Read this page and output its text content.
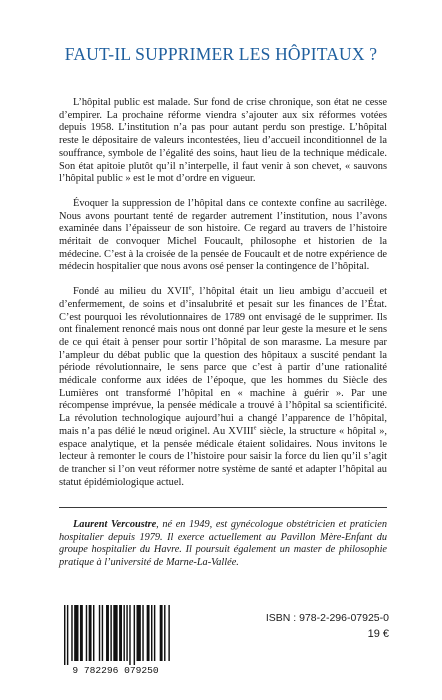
FAUT-IL SUPPRIMER LES HÔPITAUX ?

L’hôpital public est malade. Sur fond de crise chronique, son état ne cesse d’empirer. La prochaine réforme viendra s’ajouter aux six réformes votées depuis 1958. L’institution n’a pas pour autant perdu son prestige. L’hôpital reste le dépositaire de valeurs incontestées, lieu d’accueil inconditionnel de la souffrance, symbole de l’égalité des soins, haut lieu de la technique médicale. Son état apitoie plutôt qu’il n’interpelle, il faut venir à son chevet, « sauvons l’hôpital public » est le mot d’ordre en vigueur.

Évoquer la suppression de l’hôpital dans ce contexte confine au sacrilège. Nous avons pourtant tenté de regarder autrement l’institution, nous l’avons examinée dans l’épaisseur de son histoire. Ce regard au travers de l’histoire méritait de convoquer Michel Foucault, philosophe et historien de la médecine. C’est à la croisée de la pensée de Foucault et de notre expérience de médecin hospitalier que nous avons osé penser la contingence de l’hôpital.

Fondé au milieu du XVIIe, l’hôpital était un lieu ambigu d’accueil et d’enfermement, de soins et d’insalubrité et pesait sur les finances de l’État. C’est pourquoi les révolutionnaires de 1789 ont envisagé de le supprimer. Ils ont finalement renoncé mais nous ont donné par leur geste la mesure et le sens de ce qui était à penser pour sortir l’hôpital de son marasme. La mesure par l’ampleur du débat public que la question des hôpitaux a suscité pendant la période révolutionnaire, le sens parce que c’est à partir d’une rationalité médicale conforme aux idées de l’époque, que les hommes du Siècle des Lumières ont transformé l’hôpital en « machine à guérir ». Par une récompense imprévue, la pensée médicale a trouvé à l’hôpital sa scientificité. La révolution technologique aujourd’hui a changé l’apparence de l’hôpital, mais n’a pas délié le nœud originel. Au XVIIIe siècle, la structure « hôpital », espace analytique, et la pensée médicale étaient solidaires. Nous invitons le lecteur à remonter le cours de l’histoire pour saisir la force du lien qu’il s’agit de trancher si l’on veut réformer notre système de santé et adapter l’hôpital au statut épidémiologique actuel.

Laurent Vercoustre, né en 1949, est gynécologue obstétricien et praticien hospitalier depuis 1979. Il exerce actuellement au Pavillon Mère-Enfant du groupe hospitalier du Havre. Il poursuit également un master de philosophie pratique à l’université de Marne-La-Vallée.
9 782296 079250
ISBN : 978-2-296-07925-0
19 €
